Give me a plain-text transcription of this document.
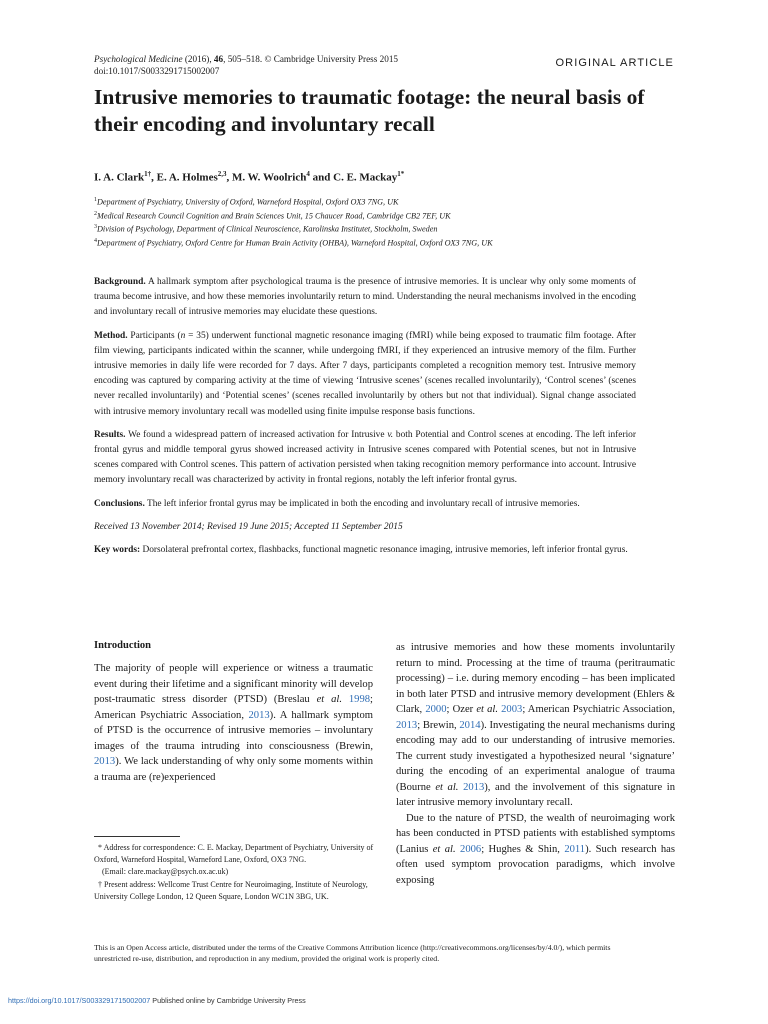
Psychological Medicine (2016), 46, 505–518. © Cambridge University Press 2015
doi:10.1017/S0033291715002007
ORIGINAL ARTICLE
Intrusive memories to traumatic footage: the neural basis of their encoding and involuntary recall
I. A. Clark$^{1\dagger}$, E. A. Holmes$^{2,3}$, M. W. Woolrich$^4$ and C. E. Mackay$^{1*}$
$^1$Department of Psychiatry, University of Oxford, Warneford Hospital, Oxford OX3 7NG, UK
$^2$Medical Research Council Cognition and Brain Sciences Unit, 15 Chaucer Road, Cambridge CB2 7EF, UK
$^3$Division of Psychology, Department of Clinical Neuroscience, Karolinska Institutet, Stockholm, Sweden
$^4$Department of Psychiatry, Oxford Centre for Human Brain Activity (OHBA), Warneford Hospital, Oxford OX3 7NG, UK

Background. A hallmark symptom after psychological trauma is the presence of intrusive memories. It is unclear why only some moments of trauma become intrusive, and how these memories involuntarily return to mind. Understanding the neural mechanisms involved in the encoding and involuntary recall of intrusive memories may elucidate these questions.

Method. Participants (n = 35) underwent functional magnetic resonance imaging (fMRI) while being exposed to traumatic film footage. After film viewing, participants indicated within the scanner, while undergoing fMRI, if they experienced an intrusive memory of the film. Further intrusive memories in daily life were recorded for 7 days. After 7 days, participants completed a recognition memory test. Intrusive memory encoding was captured by comparing activity at the time of viewing ‘Intrusive scenes’ (scenes recalled involuntarily), ‘Control scenes’ (scenes never recalled involuntarily) and ‘Potential scenes’ (scenes recalled involuntarily by others but not that individual). Signal change associated with intrusive memory involuntary recall was modelled using finite impulse response basis functions.

Results. We found a widespread pattern of increased activation for Intrusive v. both Potential and Control scenes at encoding. The left inferior frontal gyrus and middle temporal gyrus showed increased activity in Intrusive scenes compared with Potential scenes, but not in Intrusive scenes compared with Control scenes. This pattern of activation persisted when taking recognition memory performance into account. Intrusive memory involuntary recall was characterized by activity in frontal regions, notably the left inferior frontal gyrus.

Conclusions. The left inferior frontal gyrus may be implicated in both the encoding and involuntary recall of intrusive memories.

Received 13 November 2014; Revised 19 June 2015; Accepted 11 September 2015

Key words: Dorsolateral prefrontal cortex, flashbacks, functional magnetic resonance imaging, intrusive memories, left inferior frontal gyrus.

Introduction

The majority of people will experience or witness a traumatic event during their lifetime and a significant minority will develop post-traumatic stress disorder (PTSD) (Breslau et al. 1998; American Psychiatric Association, 2013). A hallmark symptom of PTSD is the occurrence of intrusive memories – involuntary images of the trauma intruding into consciousness (Brewin, 2013). We lack understanding of why only some moments within a trauma are (re)experienced

* Address for correspondence: C. E. Mackay, Department of Psychiatry, University of Oxford, Warneford Hospital, Warneford Lane, Oxford, OX3 7NG.

(Email: clare.mackay@psych.ox.ac.uk)

† Present address: Wellcome Trust Centre for Neuroimaging, Institute of Neurology, University College London, 12 Queen Square, London WC1N 3BG, UK.

as intrusive memories and how these moments involuntarily return to mind. Processing at the time of trauma (peritraumatic processing) – i.e. during memory encoding – has been implicated in both later PTSD and intrusive memory development (Ehlers & Clark, 2000; Ozer et al. 2003; American Psychiatric Association, 2013; Brewin, 2014). Investigating the neural mechanisms during encoding may add to our understanding of intrusive memories. The current study investigated a hypothesized neural ‘signature’ during the encoding of an experimental analogue of trauma (Bourne et al. 2013), and the involvement of this signature in later intrusive memory involuntary recall.

Due to the nature of PTSD, the wealth of neuroimaging work has been conducted in PTSD patients with established symptoms (Lanius et al. 2006; Hughes & Shin, 2011). Such research has often used symptom provocation paradigms, which involve exposing

This is an Open Access article, distributed under the terms of the Creative Commons Attribution licence (http://creativecommons.org/licenses/by/4.0/), which permits unrestricted re-use, distribution, and reproduction in any medium, provided the original work is properly cited.
https://doi.org/10.1017/S0033291715002007 Published online by Cambridge University Press
